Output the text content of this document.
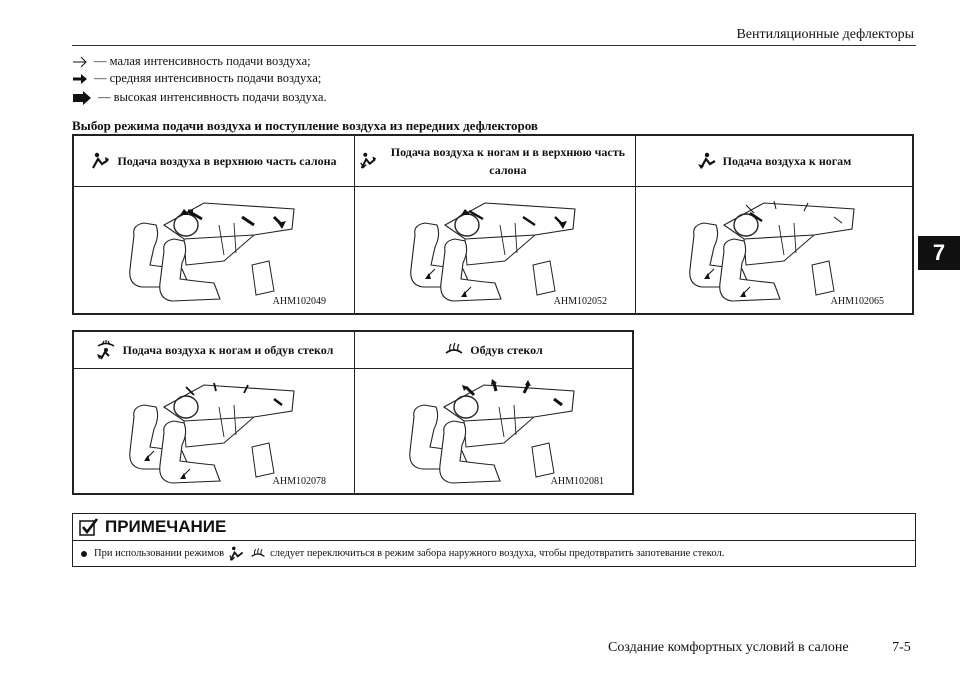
Вентиляционные дефлекторы
— малая интенсивность подачи воздуха;
— средняя интенсивность подачи воздуха;
— высокая интенсивность подачи воздуха.
Выбор режима подачи воздуха и поступление воздуха из передних дефлекторов
Подача воздуха в верхнюю часть салона	Подача воздуха к ногам и в верхнюю часть салона	Подача воздуха к ногам

AHM102049	AHM102052	AHM102065
Подача воздуха к ногам и обдув стекол	Обдув стекол

AHM102078	AHM102081
7
ПРИМЕЧАНИЕ
При использовании режимов	следует переключиться в режим забора наружного воздуха, чтобы предотвратить запотевание стекол.
Создание комфортных условий в салоне	7-5
